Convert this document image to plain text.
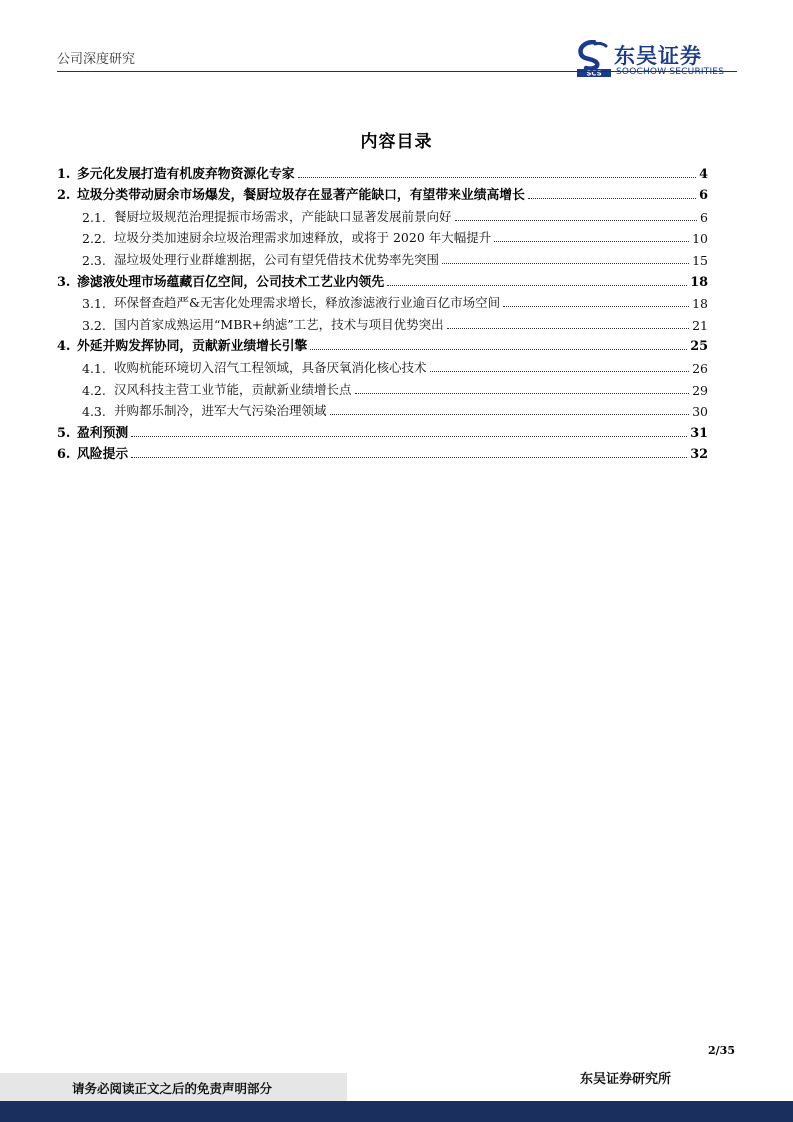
公司深度研究
SCS
东吴证券
SOOCHOW SECURITIES
内容目录
1. 多元化发展打造有机废弃物资源化专家	4
2. 垃圾分类带动厨余市场爆发，餐厨垃圾存在显著产能缺口，有望带来业绩高增长	6
2.1. 餐厨垃圾规范治理提振市场需求，产能缺口显著发展前景向好	6
2.2. 垃圾分类加速厨余垃圾治理需求加速释放，或将于 2020 年大幅提升	10
2.3. 湿垃圾处理行业群雄割据，公司有望凭借技术优势率先突围	15
3. 渗滤液处理市场蕴藏百亿空间，公司技术工艺业内领先	18
3.1. 环保督查趋严&无害化处理需求增长，释放渗滤液行业逾百亿市场空间	18
3.2. 国内首家成熟运用“MBR+纳滤”工艺，技术与项目优势突出	21
4. 外延并购发挥协同，贡献新业绩增长引擎	25
4.1. 收购杭能环境切入沼气工程领域，具备厌氧消化核心技术	26
4.2. 汉风科技主营工业节能，贡献新业绩增长点	29
4.3. 并购都乐制冷，进军大气污染治理领域	30
5. 盈利预测	31
6. 风险提示	32
2/35
请务必阅读正文之后的免责声明部分
东吴证券研究所
